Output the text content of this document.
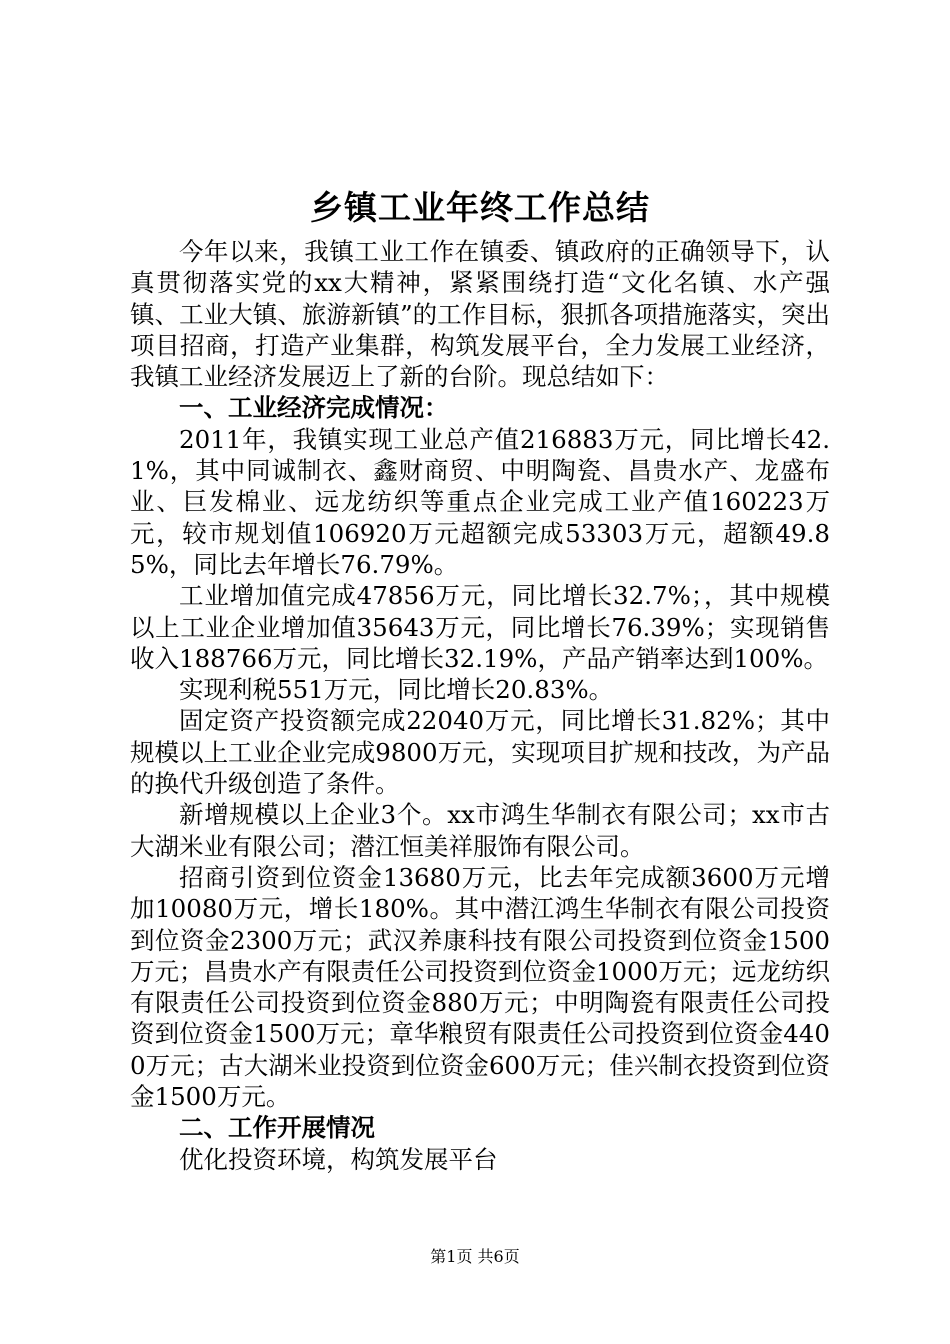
乡镇工业年终工作总结

今年以来，我镇工业工作在镇委、镇政府的正确领导下，认真贯彻落实党的xx大精神，紧紧围绕打造“文化名镇、水产强镇、工业大镇、旅游新镇”的工作目标，狠抓各项措施落实，突出项目招商，打造产业集群，构筑发展平台，全力发展工业经济，我镇工业经济发展迈上了新的台阶。现总结如下：

一、工业经济完成情况：

2011年，我镇实现工业总产值216883万元，同比增长42.1%，其中同诚制衣、鑫财商贸、中明陶瓷、昌贵水产、龙盛布业、巨发棉业、远龙纺织等重点企业完成工业产值160223万元，较市规划值106920万元超额完成53303万元，超额49.85%，同比去年增长76.79%。

工业增加值完成47856万元，同比增长32.7%；，其中规模以上工业企业增加值35643万元，同比增长76.39%；实现销售收入188766万元，同比增长32.19%，产品产销率达到100%。

实现利税551万元，同比增长20.83%。

固定资产投资额完成22040万元，同比增长31.82%；其中规模以上工业企业完成9800万元，实现项目扩规和技改，为产品的换代升级创造了条件。

新增规模以上企业3个。xx市鸿生华制衣有限公司；xx市古大湖米业有限公司；潜江恒美祥服饰有限公司。

招商引资到位资金13680万元，比去年完成额3600万元增加10080万元，增长180%。其中潜江鸿生华制衣有限公司投资到位资金2300万元；武汉养康科技有限公司投资到位资金1500万元；昌贵水产有限责任公司投资到位资金1000万元；远龙纺织有限责任公司投资到位资金880万元；中明陶瓷有限责任公司投资到位资金1500万元；章华粮贸有限责任公司投资到位资金4400万元；古大湖米业投资到位资金600万元；佳兴制衣投资到位资金1500万元。

二、工作开展情况

优化投资环境，构筑发展平台

第1页 共6页
